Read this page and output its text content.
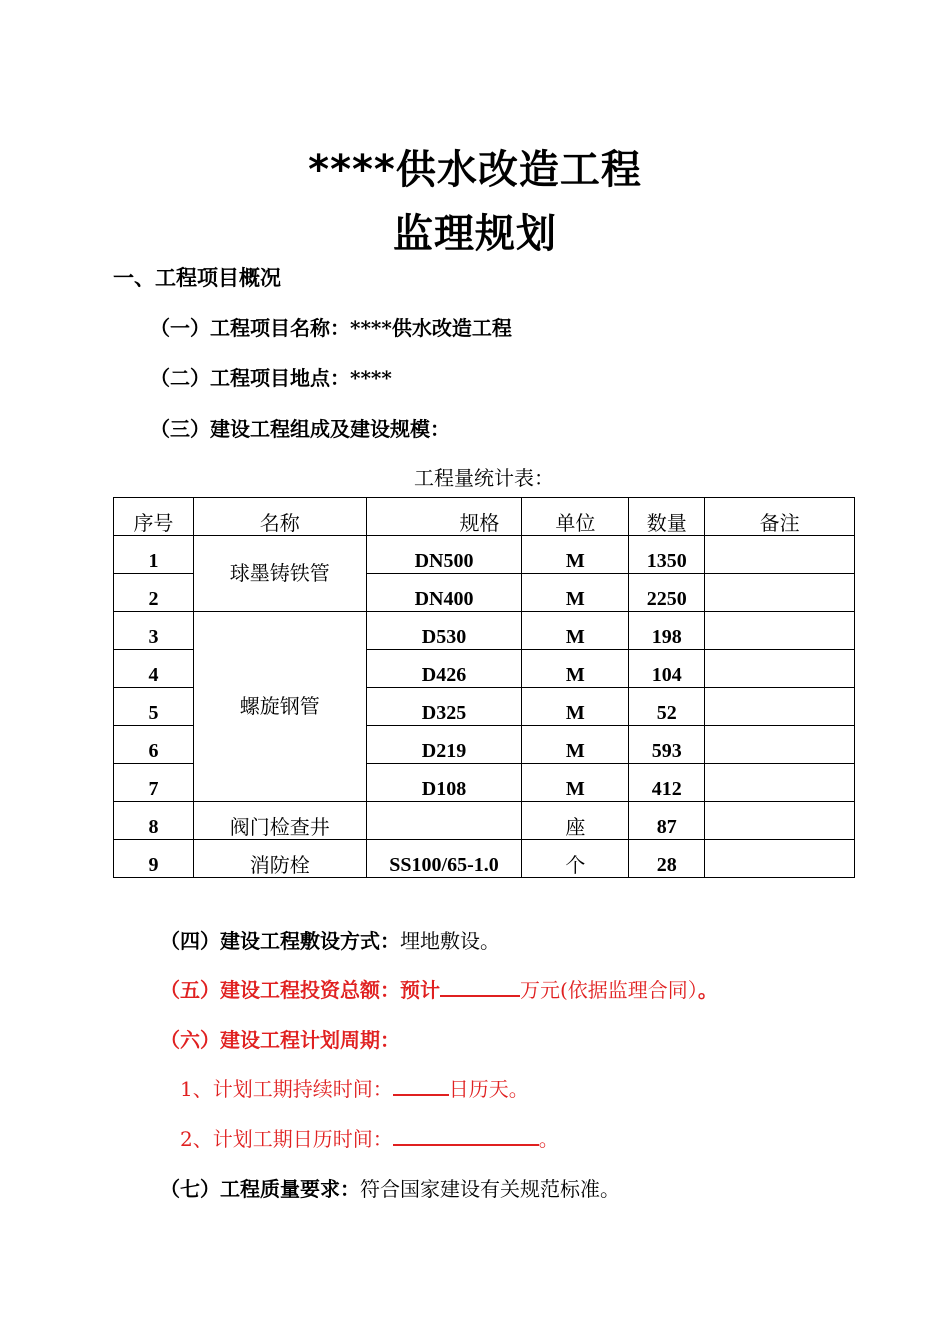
****供水改造工程
监理规划
一、工程项目概况
（一）工程项目名称：****供水改造工程
（二）工程项目地点：****
（三）建设工程组成及建设规模：
工程量统计表：
序号	名称	规格	单位	数量	备注
1	球墨铸铁管	DN500	M	1350	
2		DN400	M	2250	
3	螺旋钢管	D530	M	198	
4		D426	M	104	
5		D325	M	52	
6		D219	M	593	
7		D108	M	412	
8	阀门检查井		座	87	
9	消防栓	SS100/65-1.0	个	28	
（四）建设工程敷设方式：埋地敷设。
（五）建设工程投资总额：预计	万元(依据监理合同）。
（六）建设工程计划周期：
1、计划工期持续时间：	日历天。
2、计划工期日历时间：	。
（七）工程质量要求：符合国家建设有关规范标准。
